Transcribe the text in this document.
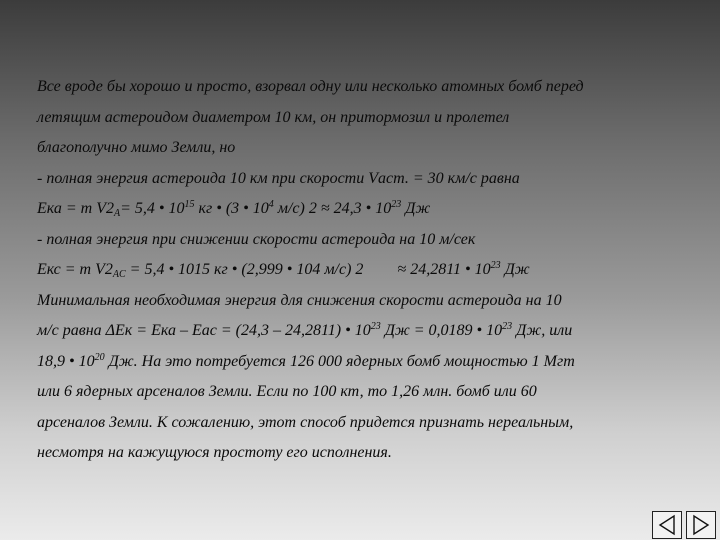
Все вроде бы хорошо и просто, взорвал одну или несколько атомных бомб перед
летящим астероидом диаметром 10 км, он притормозил и пролетел
благополучно мимо Земли, но
- полная энергия астероида 10 км при скорости Vаст. = 30 км/с равна
Eка = m $V2_A= 5,4$ • $10^{15}$ кг • (3 • $10^4$ м/с) 2 ≈ 24,3 • $10^{23}$ Дж
- полная энергия при снижении скорости астероида на 10 м/сек
Eкс = m $V2_{AC} = 5,4$ • 1015 кг • (2,999 • 104 м/с) 2 ≈ 24,2811 • $10^{23}$ Дж
Минимальная необходимая энергия для снижения скорости астероида на 10
м/с равна ΔEк = Eка – Eас = (24,3 – 24,2811) • $10^{23}$ Дж = 0,0189 • $10^{23}$ Дж, или
18,9 • $10^{20}$ Дж. На это потребуется 126 000 ядерных бомб мощностью 1 Мгт
или 6 ядерных арсеналов Земли. Если по 100 кт, то 1,26 млн. бомб или 60
арсеналов Земли. К сожалению, этот способ придется признать нереальным,
несмотря на кажущуюся простоту его исполнения.
